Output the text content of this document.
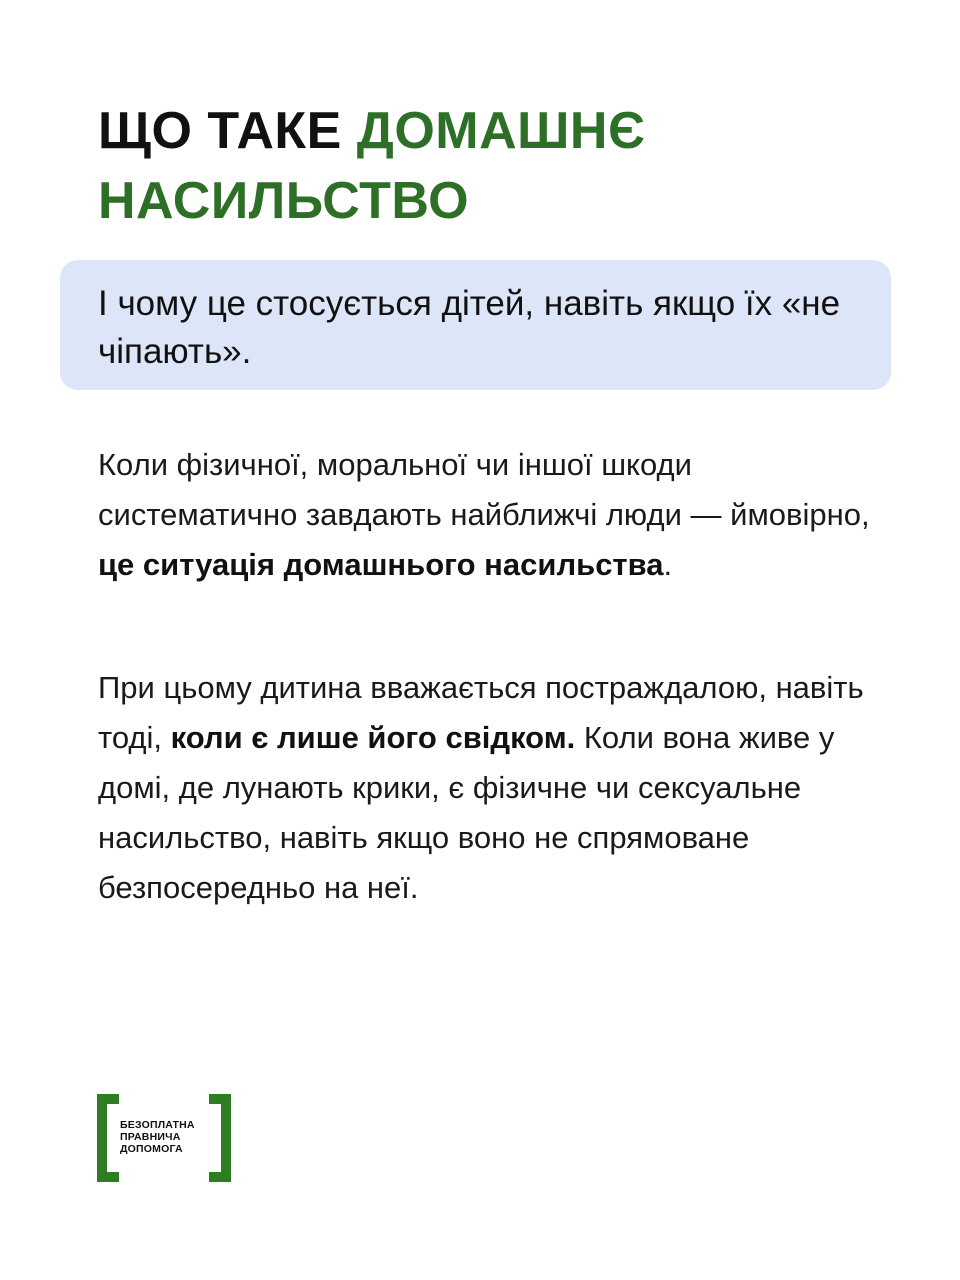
ЩО ТАКЕ ДОМАШНЄ НАСИЛЬСТВО

І чому це стосується дітей, навіть якщо їх «не чіпають».

Коли фізичної, моральної чи іншої шкоди систематично завдають найближчі люди — ймовірно, це ситуація домашнього насильства.

При цьому дитина вважається постраждалою, навіть тоді, коли є лише його свідком. Коли вона живе у домі, де лунають крики, є фізичне чи сексуальне насильство, навіть якщо воно не спрямоване безпосередньо на неї.

БЕЗОПЛАТНА
ПРАВНИЧА
ДОПОМОГА
